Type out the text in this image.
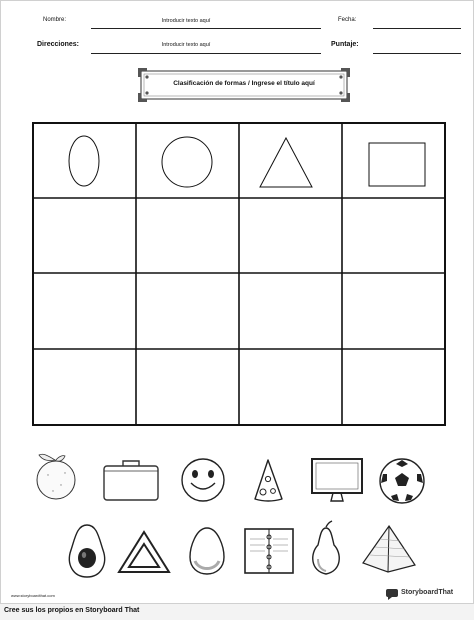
Nombre:	Introducir texto aquí	Fecha:
Direcciones:	Introducir texto aquí	Puntaje:
Clasificación de formas / Ingrese el título aquí
www.storyboardthat.com	StoryboardThat
Cree sus los propios en Storyboard That
